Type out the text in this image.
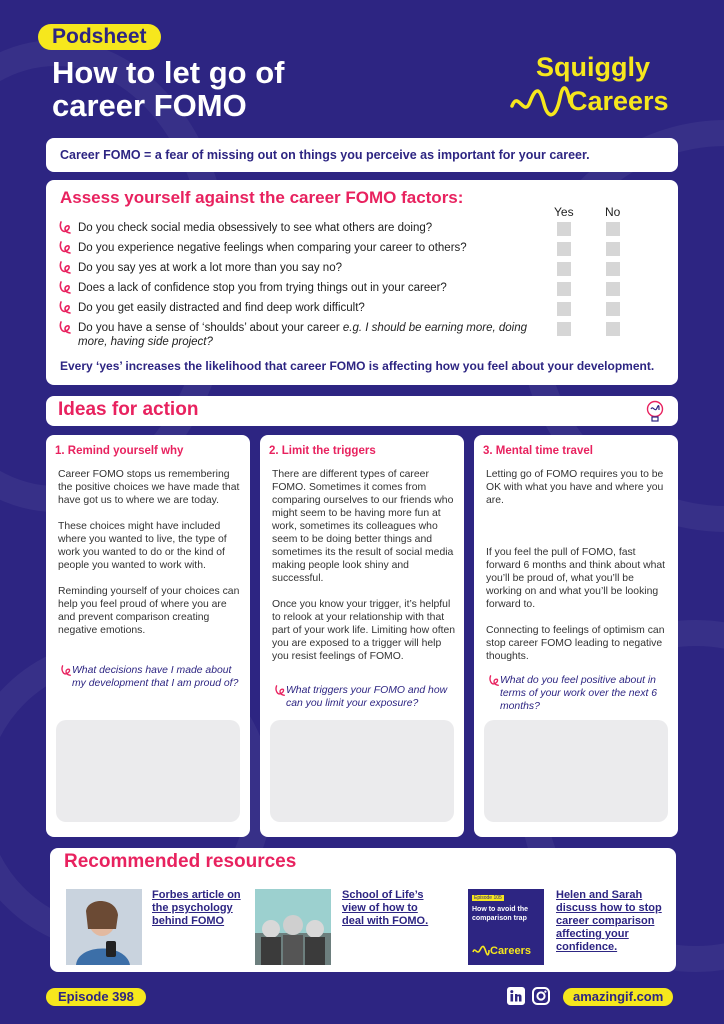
Podsheet
How to let go of
career FOMO
Squiggly
Careers
Career FOMO = a fear of missing out on things you perceive as important for your career.
Assess yourself against the career FOMO factors:
Yes	No
Do you check social media obsessively to see what others are doing?
Do you experience negative feelings when comparing your career to others?
Do you say yes at work a lot more than you say no?
Does a lack of confidence stop you from trying things out in your career?
Do you get easily distracted and find deep work difficult?
Do you have a sense of ‘shoulds’ about your career e.g. I should be earning more, doing more, having side project?
Every ‘yes’ increases the likelihood that career FOMO is affecting how you feel about your development.
Ideas for action
1. Remind yourself why

Career FOMO stops us remembering the positive choices we have made that have got us to where we are today.

These choices might have included where you wanted to live, the type of work you wanted to do or the kind of people you wanted to work with.

Reminding yourself of your choices can help you feel proud of where you are and prevent comparison creating negative emotions.

What decisions have I made about my development that I am proud of?
2. Limit the triggers

There are different types of career FOMO. Sometimes it comes from comparing ourselves to our friends who might seem to be having more fun at work, sometimes its colleagues who seem to be doing better things and sometimes its the result of social media making people look shiny and successful.

Once you know your trigger, it’s helpful to relook at your relationship with that part of your work life. Limiting how often you are exposed to a trigger will help you resist feelings of FOMO.

What triggers your FOMO and how can you limit your exposure?
3. Mental time travel

Letting go of FOMO requires you to be OK with what you have and where you are.

If you feel the pull of FOMO, fast forward 6 months and think about what you’ll be proud of, what you’ll be working on and what you’ll be looking forward to.

Connecting to feelings of optimism can stop career FOMO leading to negative thoughts.

What do you feel positive about in terms of your work over the next 6 months?
Recommended resources
Forbes article on the psychology behind FOMO
School of Life’s view of how to deal with FOMO.
Episode 105
How to avoid the comparison trap
Careers
Helen and Sarah discuss how to stop career comparison affecting your confidence.
Episode 398	amazingif.com
